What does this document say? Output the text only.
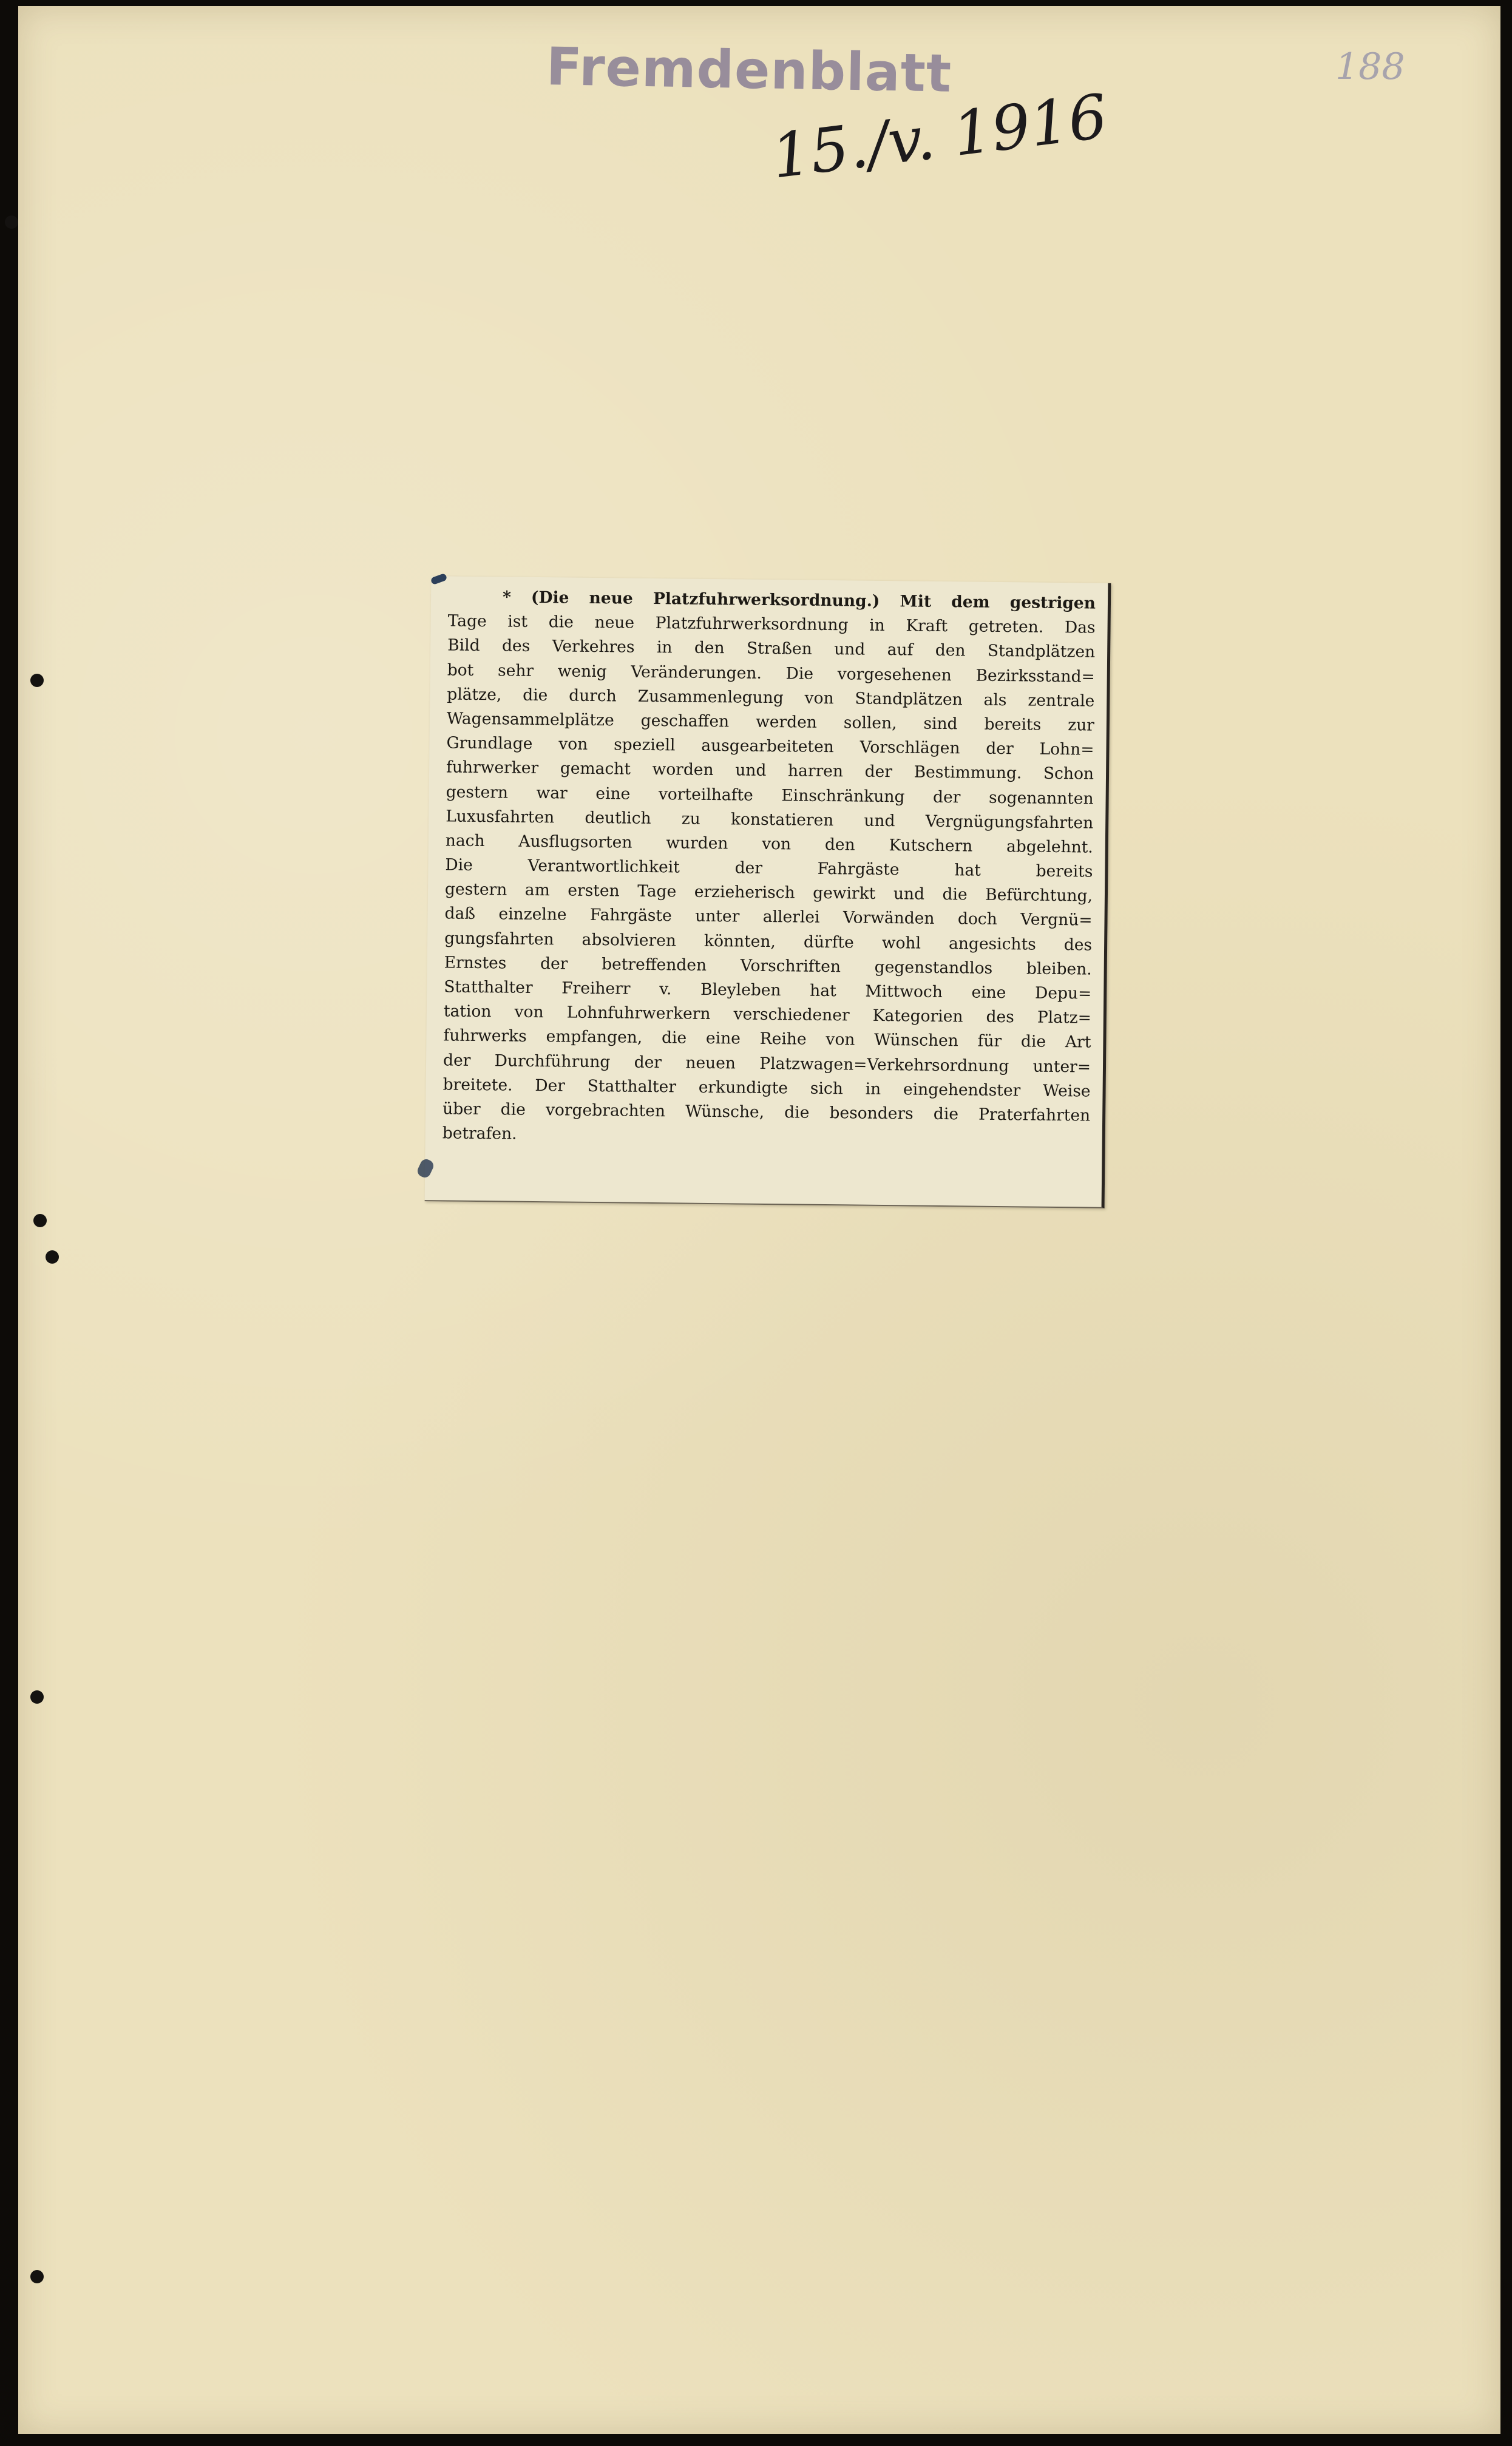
Fremdenblatt
15./v. 1916
188
* (Die neue Platzfuhrwerksordnung.) Mit dem gestrigen
Tage ist die neue Platzfuhrwerksordnung in Kraft getreten. Das
Bild des Verkehres in den Straßen und auf den Standplätzen
bot sehr wenig Veränderungen. Die vorgesehenen Bezirksstand=
plätze, die durch Zusammenlegung von Standplätzen als zentrale
Wagensammelplätze geschaffen werden sollen, sind bereits zur
Grundlage von speziell ausgearbeiteten Vorschlägen der Lohn=
fuhrwerker gemacht worden und harren der Bestimmung. Schon
gestern war eine vorteilhafte Einschränkung der sogenannten
Luxusfahrten deutlich zu konstatieren und Vergnügungsfahrten
nach Ausflugsorten wurden von den Kutschern abgelehnt.
Die Verantwortlichkeit der Fahrgäste hat bereits
gestern am ersten Tage erzieherisch gewirkt und die Befürchtung,
daß einzelne Fahrgäste unter allerlei Vorwänden doch Vergnü=
gungsfahrten absolvieren könnten, dürfte wohl angesichts des
Ernstes der betreffenden Vorschriften gegenstandlos bleiben.
Statthalter Freiherr v. Bleyleben hat Mittwoch eine Depu=
tation von Lohnfuhrwerkern verschiedener Kategorien des Platz=
fuhrwerks empfangen, die eine Reihe von Wünschen für die Art
der Durchführung der neuen Platzwagen=Verkehrsordnung unter=
breitete. Der Statthalter erkundigte sich in eingehendster Weise
über die vorgebrachten Wünsche, die besonders die Praterfahrten
betrafen.
